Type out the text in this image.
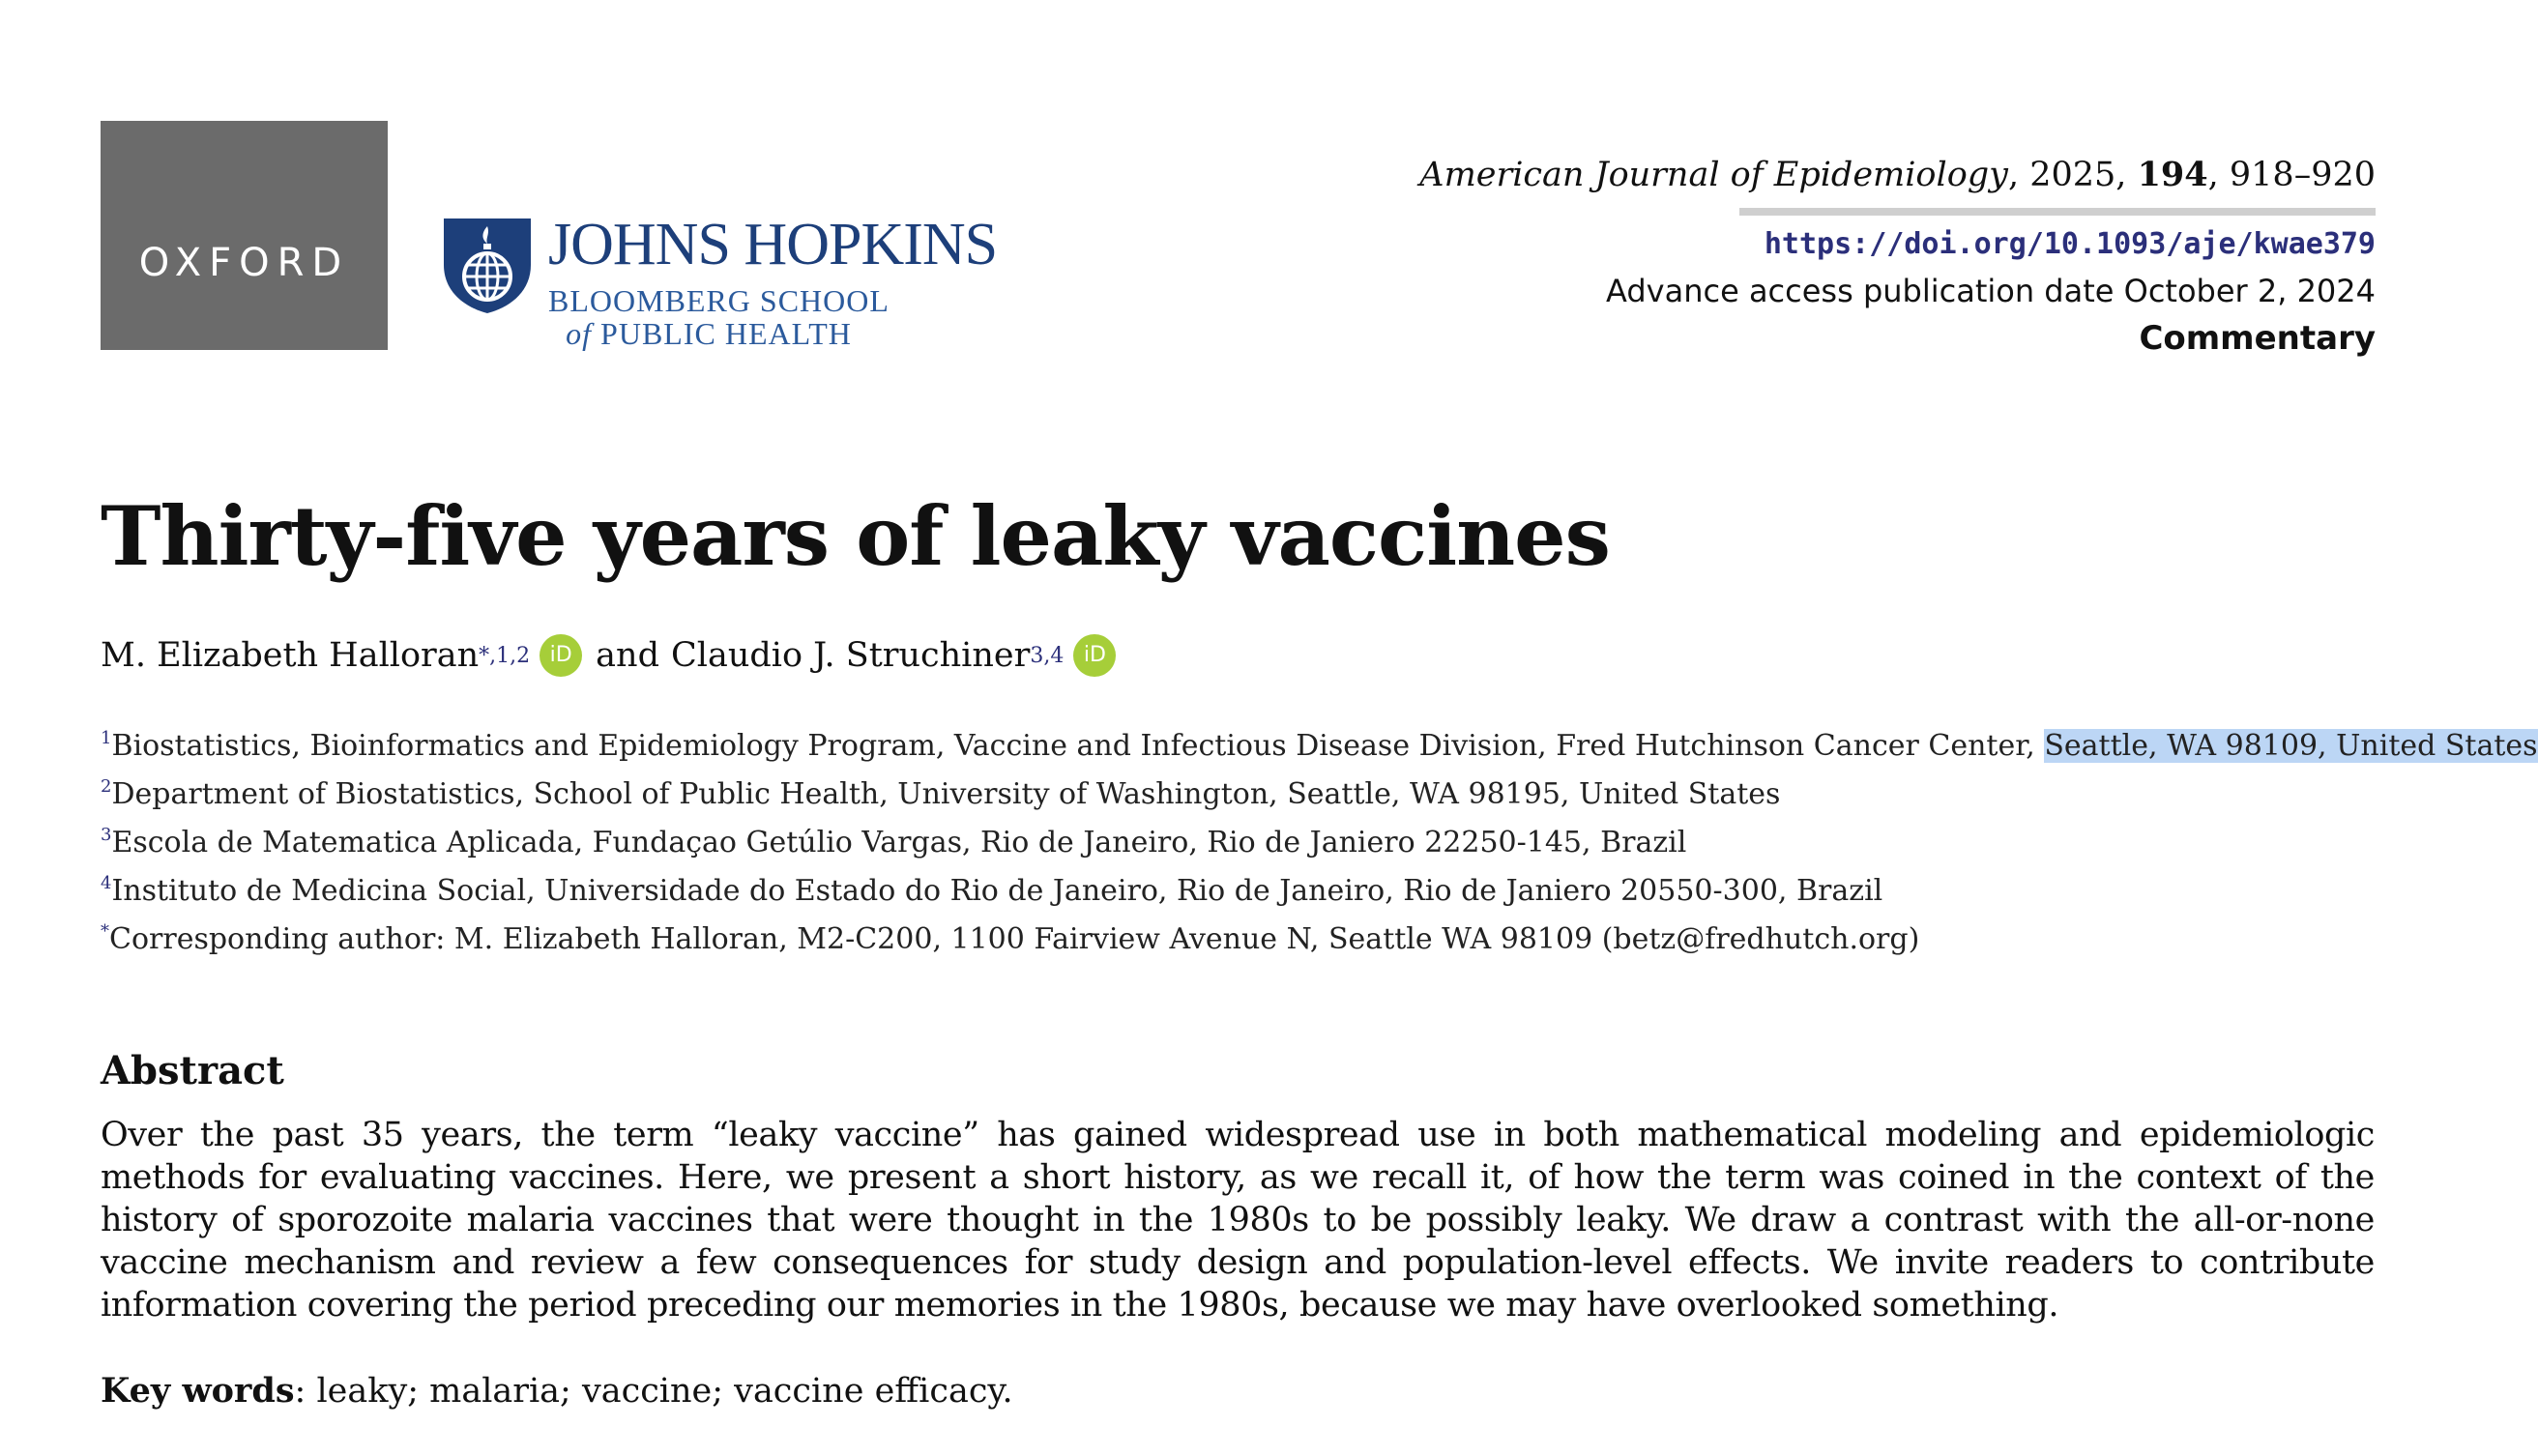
OXFORD	JOHNS HOPKINS
BLOOMBERG SCHOOL
of PUBLIC HEALTH
American Journal of Epidemiology, 2025, 194, 918–920
https://doi.org/10.1093/aje/kwae379
Advance access publication date October 2, 2024
Commentary
Thirty-five years of leaky vaccines
M. Elizabeth Halloran *,1,2 iD and Claudio J. Struchiner 3,4 iD
$^1$Biostatistics, Bioinformatics and Epidemiology Program, Vaccine and Infectious Disease Division, Fred Hutchinson Cancer Center, Seattle, WA 98109, United States
$^2$Department of Biostatistics, School of Public Health, University of Washington, Seattle, WA 98195, United States
$^3$Escola de Matematica Aplicada, Fundaçao Getúlio Vargas, Rio de Janeiro, Rio de Janiero 22250-145, Brazil
$^4$Instituto de Medicina Social, Universidade do Estado do Rio de Janeiro, Rio de Janeiro, Rio de Janiero 20550-300, Brazil
*Corresponding author: M. Elizabeth Halloran, M2-C200, 1100 Fairview Avenue N, Seattle WA 98109 (betz@fredhutch.org)
Abstract
Over the past 35 years, the term “leaky vaccine” has gained widespread use in both mathematical modeling and epidemiologic methods for evaluating vaccines. Here, we present a short history, as we recall it, of how the term was coined in the context of the history of sporozoite malaria vaccines that were thought in the 1980s to be possibly leaky. We draw a contrast with the all-or-none vaccine mechanism and review a few consequences for study design and population-level effects. We invite readers to contribute information covering the period preceding our memories in the 1980s, because we may have overlooked something.
Key words: leaky; malaria; vaccine; vaccine efficacy.
